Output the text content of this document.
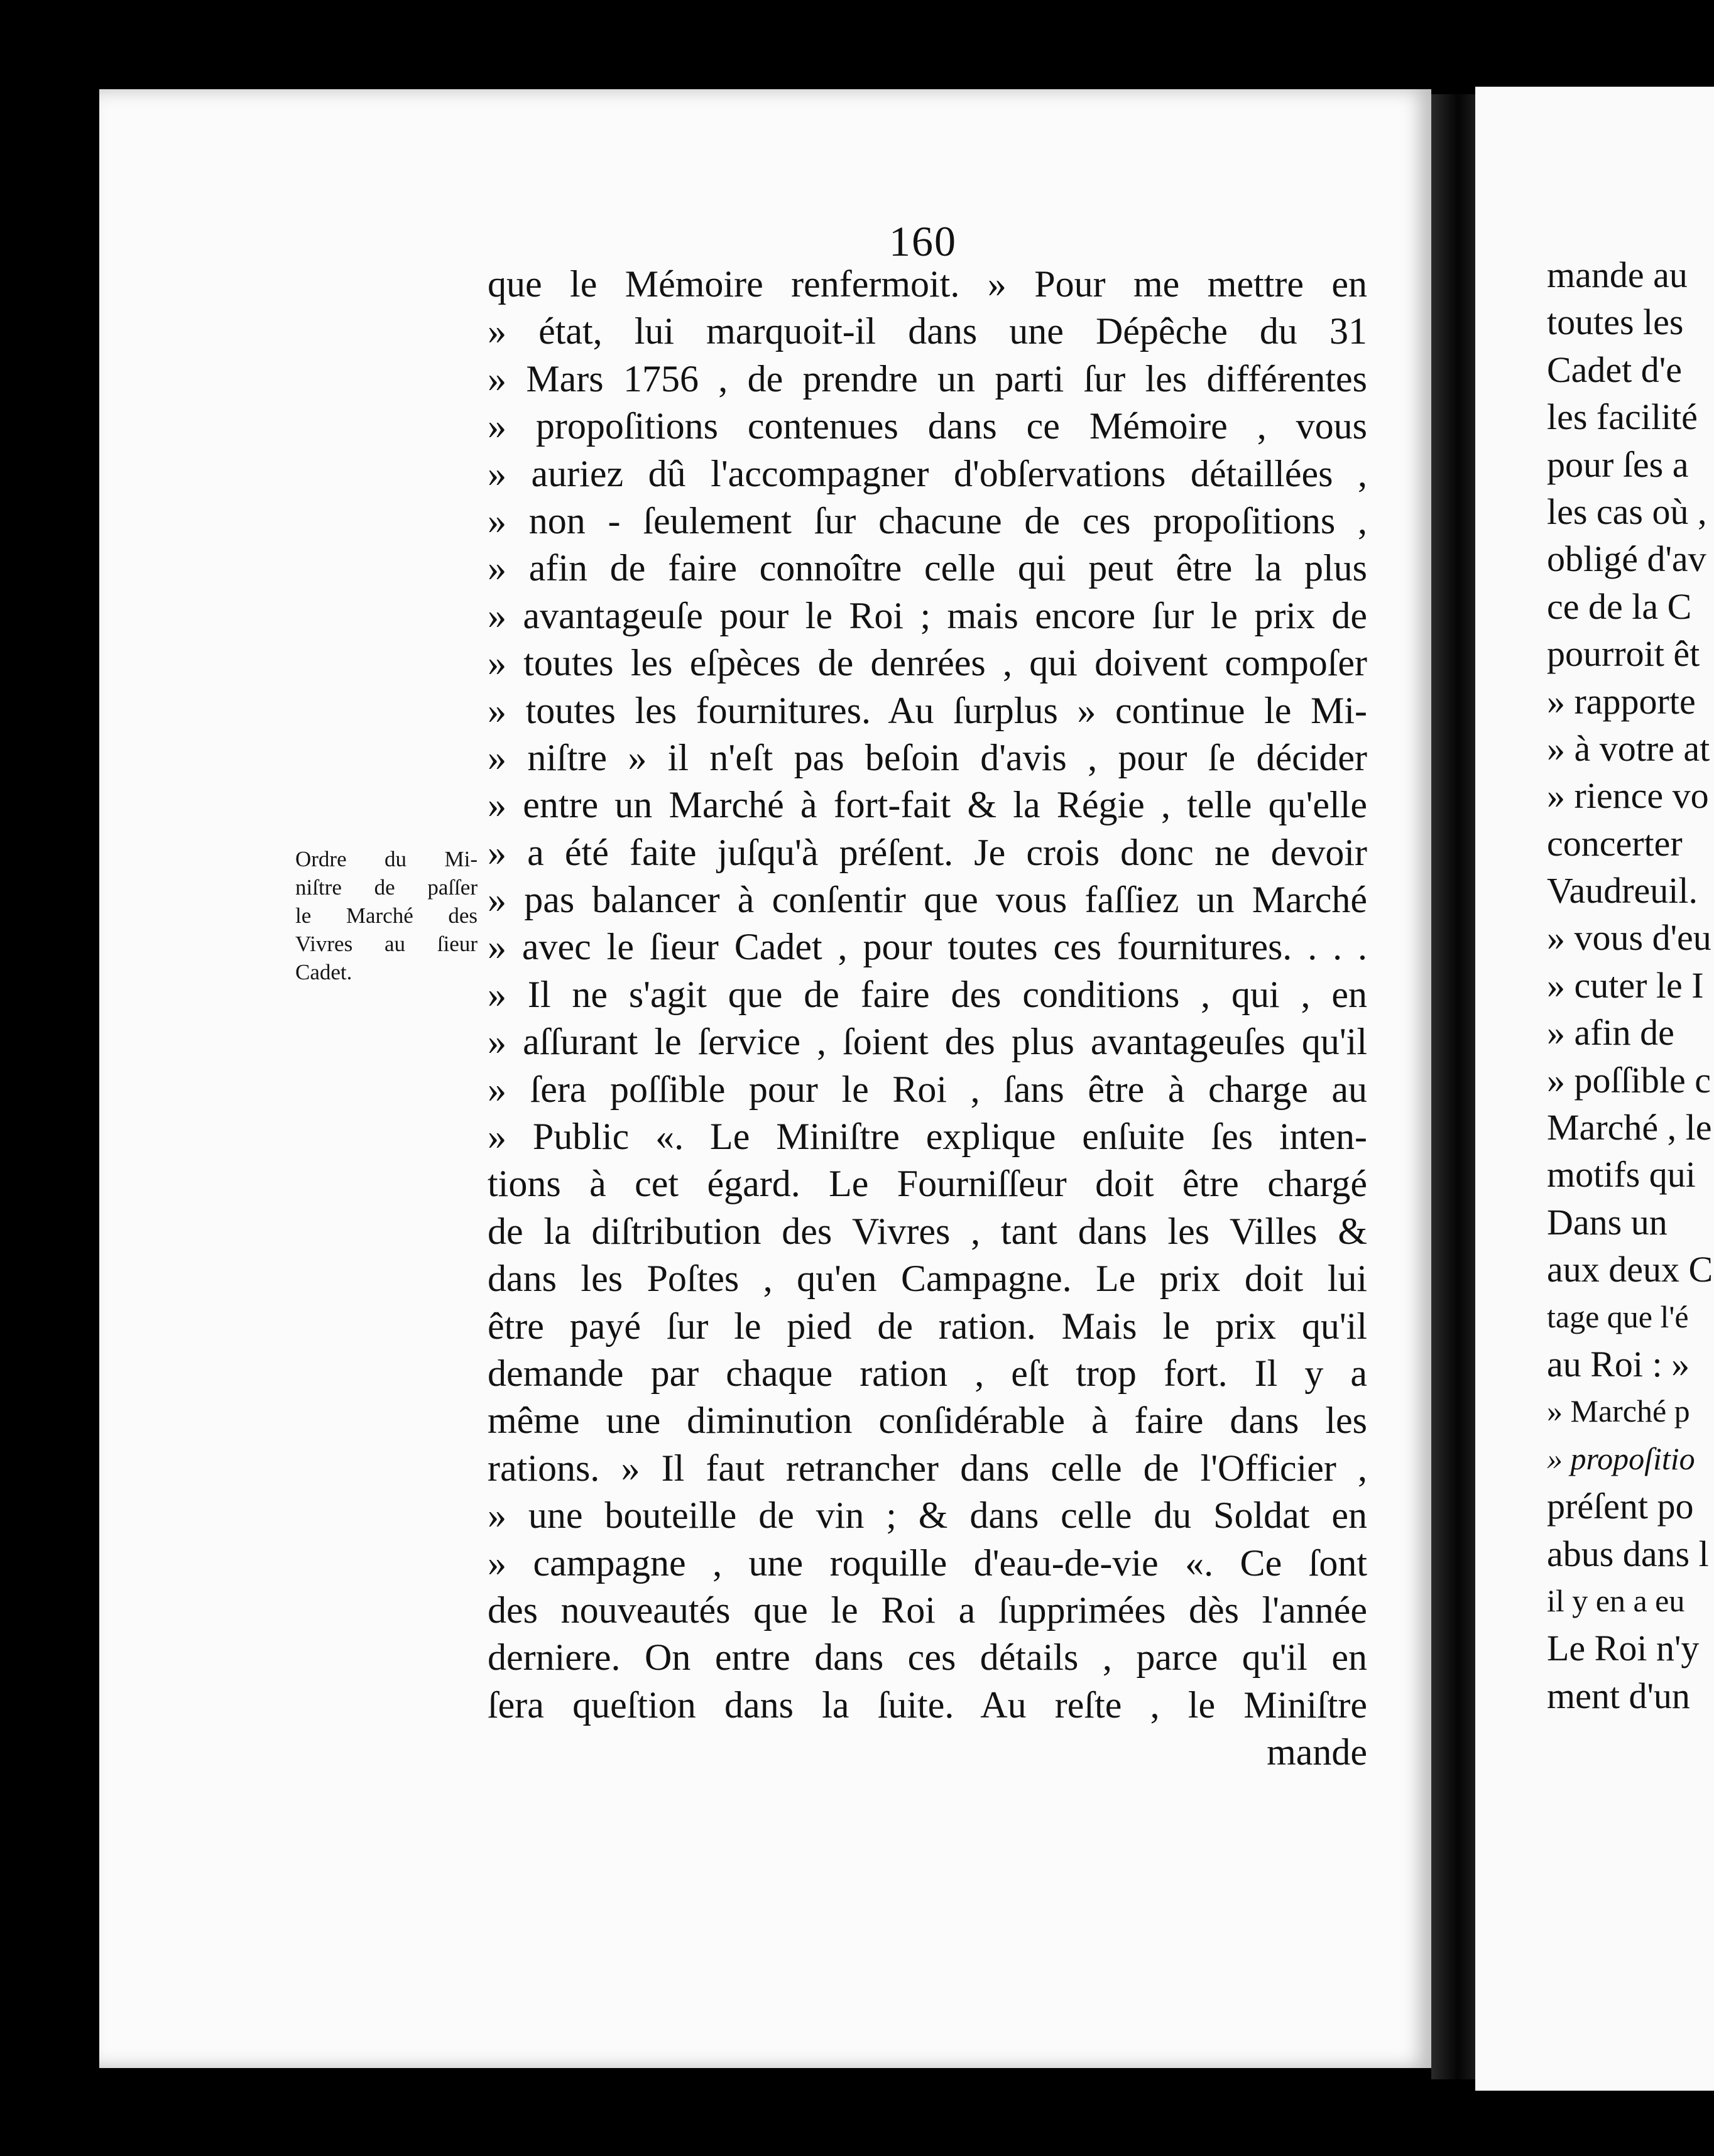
160
Ordre du Mi-
niſtre de paſſer
le Marché des
Vivres au ſieur
Cadet.
que le Mémoire renfermoit. » Pour me mettre en
» état, lui marquoit-il dans une Dépêche du 31
» Mars 1756 , de prendre un parti ſur les différentes
» propoſitions contenues dans ce Mémoire , vous
» auriez dû l'accompagner d'obſervations détaillées ,
» non - ſeulement ſur chacune de ces propoſitions ,
» afin de faire connoître celle qui peut être la plus
» avantageuſe pour le Roi ; mais encore ſur le prix de
» toutes les eſpèces de denrées , qui doivent compoſer
» toutes les fournitures. Au ſurplus » continue le Mi-
» niſtre » il n'eſt pas beſoin d'avis , pour ſe décider
» entre un Marché à fort-fait & la Régie , telle qu'elle
» a été faite juſqu'à préſent. Je crois donc ne devoir
» pas balancer à conſentir que vous faſſiez un Marché
» avec le ſieur Cadet , pour toutes ces fournitures. . . .
» Il ne s'agit que de faire des conditions , qui , en
» aſſurant le ſervice , ſoient des plus avantageuſes qu'il
» ſera poſſible pour le Roi , ſans être à charge au
» Public «. Le Miniſtre explique enſuite ſes inten-
tions à cet égard. Le Fourniſſeur doit être chargé
de la diſtribution des Vivres , tant dans les Villes &
dans les Poſtes , qu'en Campagne. Le prix doit lui
être payé ſur le pied de ration. Mais le prix qu'il
demande par chaque ration , eſt trop fort. Il y a
même une diminution conſidérable à faire dans les
rations. » Il faut retrancher dans celle de l'Officier ,
» une bouteille de vin ; & dans celle du Soldat en
» campagne , une roquille d'eau-de-vie «. Ce ſont
des nouveautés que le Roi a ſupprimées dès l'année
derniere. On entre dans ces détails , parce qu'il en
ſera queſtion dans la ſuite. Au reſte , le Miniſtre
mande
mande au
toutes les
Cadet d'e
les facilité
pour ſes a
les cas où ,
obligé d'av
ce de la C
pourroit êt
» rapporte
» à votre at
» rience vo
concerter
Vaudreuil.
» vous d'eu
» cuter le I
» afin de
» poſſible c
Marché , le
motifs qui
Dans un
aux deux C
tage que l'é
au Roi : »
» Marché p
» propoſitio
préſent po
abus dans l
il y en a eu
Le Roi n'y
ment d'un
